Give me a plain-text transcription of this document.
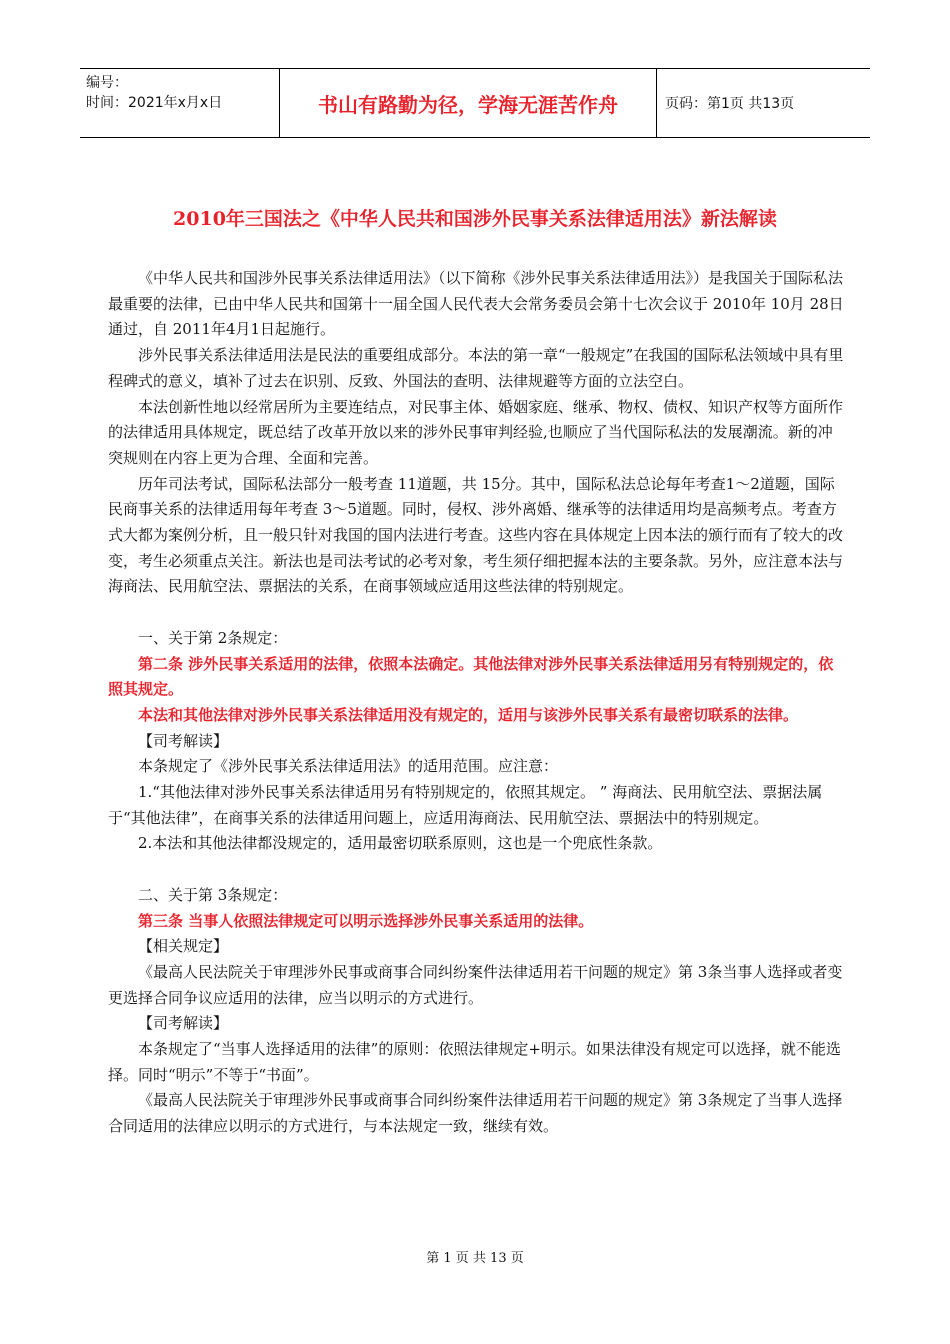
编号：
时间：2021年x月x日	书山有路勤为径，学海无涯苦作舟	页码：第1页 共13页
2010年三国法之《中华人民共和国涉外民事关系法律适用法》新法解读

《中华人民共和国涉外民事关系法律适用法》（以下简称《涉外民事关系法律适用法》）是我国关于国际私法最重要的法律，已由中华人民共和国第十一届全国人民代表大会常务委员会第十七次会议于 2010年 10月 28日通过，自 2011年4月1日起施行。

涉外民事关系法律适用法是民法的重要组成部分。本法的第一章“一般规定”在我国的国际私法领域中具有里程碑式的意义，填补了过去在识别、反致、外国法的查明、法律规避等方面的立法空白。

本法创新性地以经常居所为主要连结点，对民事主体、婚姻家庭、继承、物权、债权、知识产权等方面所作的法律适用具体规定，既总结了改革开放以来的涉外民事审判经验,也顺应了当代国际私法的发展潮流。新的冲突规则在内容上更为合理、全面和完善。

历年司法考试，国际私法部分一般考查 11道题，共 15分。其中，国际私法总论每年考查1～2道题，国际民商事关系的法律适用每年考查 3～5道题。同时，侵权、涉外离婚、继承等的法律适用均是高频考点。考查方式大都为案例分析，且一般只针对我国的国内法进行考查。这些内容在具体规定上因本法的颁行而有了较大的改变，考生必须重点关注。新法也是司法考试的必考对象，考生须仔细把握本法的主要条款。另外，应注意本法与海商法、民用航空法、票据法的关系，在商事领域应适用这些法律的特别规定。

一、关于第 2条规定：

第二条 涉外民事关系适用的法律，依照本法确定。其他法律对涉外民事关系法律适用另有特别规定的，依照其规定。

本法和其他法律对涉外民事关系法律适用没有规定的，适用与该涉外民事关系有最密切联系的法律。

【司考解读】

本条规定了《涉外民事关系法律适用法》的适用范围。应注意：

1.“其他法律对涉外民事关系法律适用另有特别规定的，依照其规定。 ” 海商法、民用航空法、票据法属于“其他法律”，在商事关系的法律适用问题上，应适用海商法、民用航空法、票据法中的特别规定。

2.本法和其他法律都没规定的，适用最密切联系原则，这也是一个兜底性条款。

二、关于第 3条规定：

第三条 当事人依照法律规定可以明示选择涉外民事关系适用的法律。

【相关规定】

《最高人民法院关于审理涉外民事或商事合同纠纷案件法律适用若干问题的规定》第 3条当事人选择或者变更选择合同争议应适用的法律，应当以明示的方式进行。

【司考解读】

本条规定了“当事人选择适用的法律”的原则：依照法律规定+明示。如果法律没有规定可以选择，就不能选择。同时“明示”不等于“书面”。

《最高人民法院关于审理涉外民事或商事合同纠纷案件法律适用若干问题的规定》第 3条规定了当事人选择合同适用的法律应以明示的方式进行，与本法规定一致，继续有效。

第 1 页 共 13 页
